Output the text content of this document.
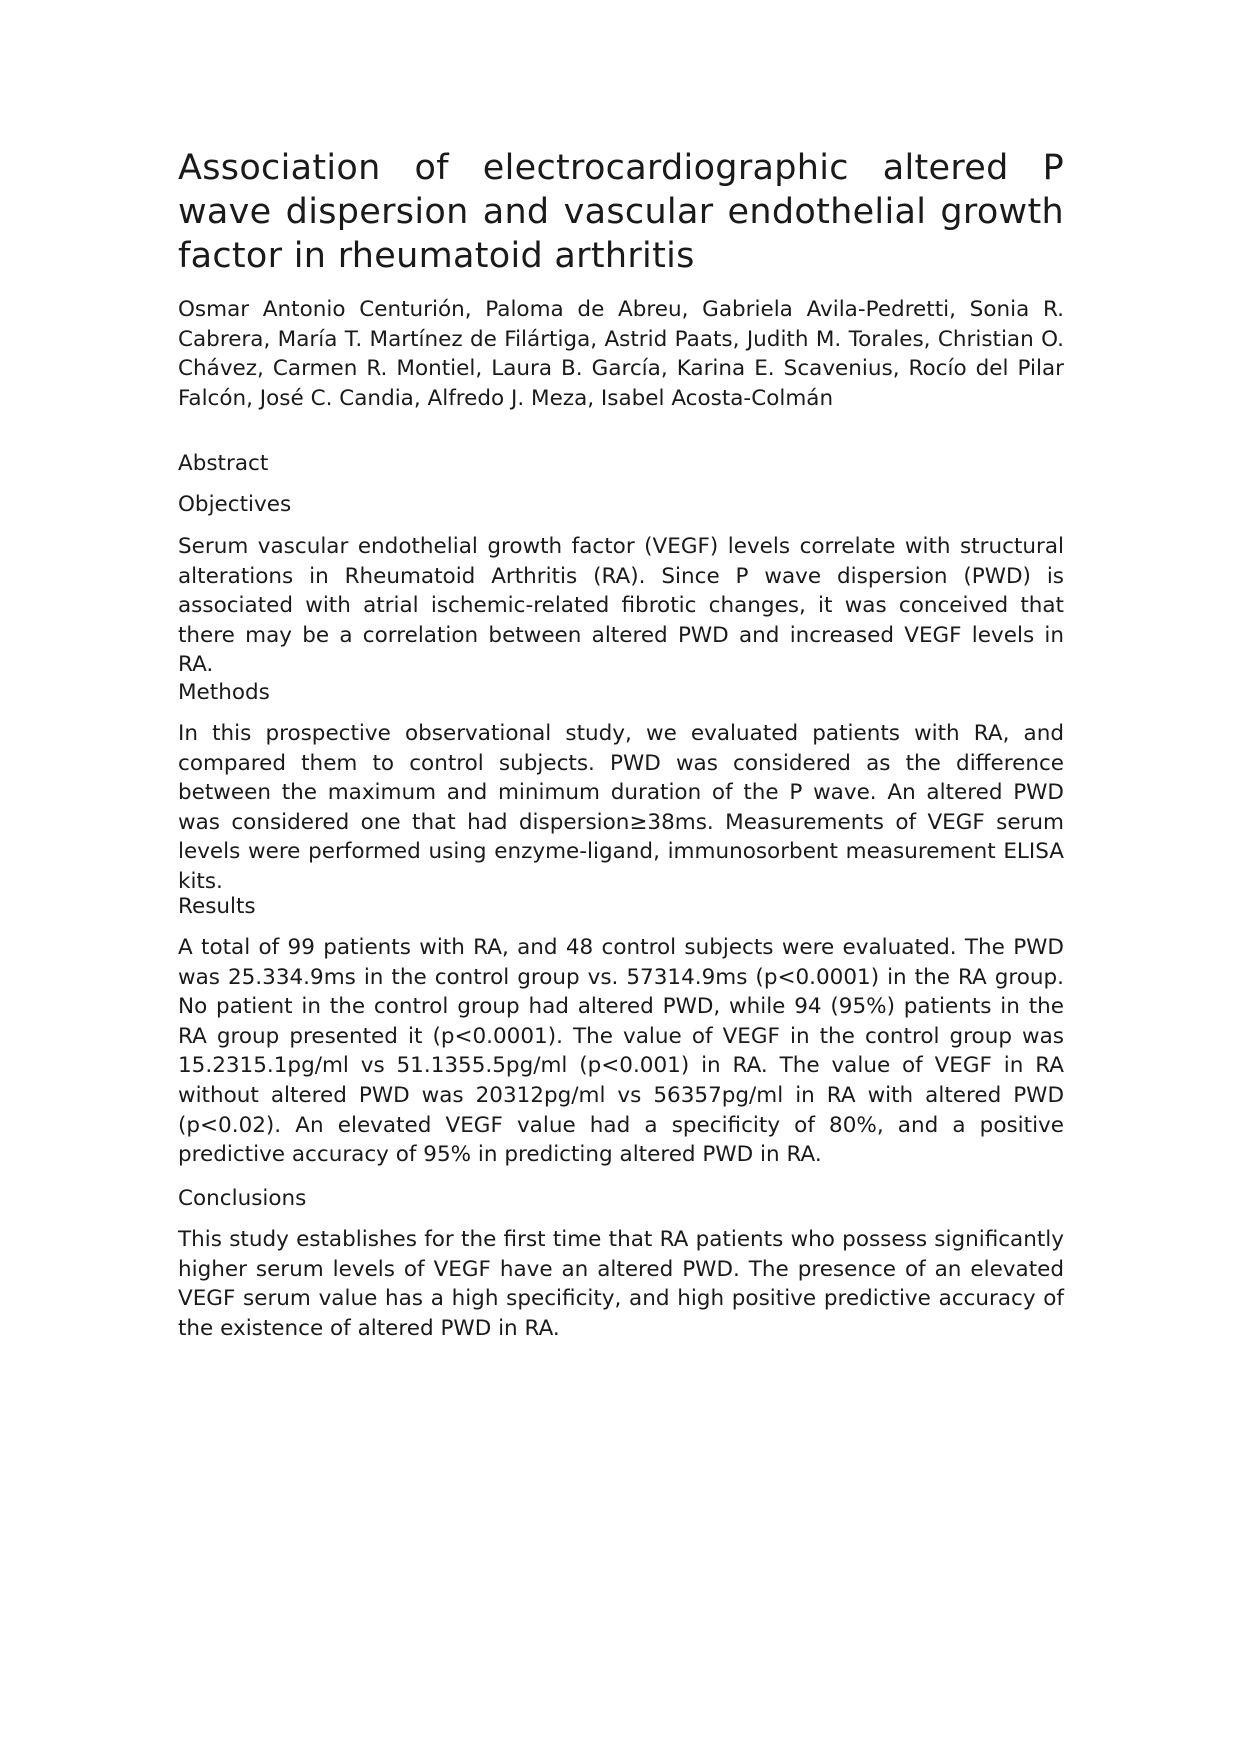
Association of electrocardiographic altered P wave dispersion and vascular endothelial growth factor in rheumatoid arthritis

Osmar Antonio Centurión, Paloma de Abreu, Gabriela Avila-Pedretti, Sonia R. Cabrera, María T. Martínez de Filártiga, Astrid Paats, Judith M. Torales, Christian O. Chávez, Carmen R. Montiel, Laura B. García, Karina E. Scavenius, Rocío del Pilar Falcón, José C. Candia, Alfredo J. Meza, Isabel Acosta-Colmán

Abstract
Objectives

Serum vascular endothelial growth factor (VEGF) levels correlate with structural alterations in Rheumatoid Arthritis (RA). Since P wave dispersion (PWD) is associated with atrial ischemic-related fibrotic changes, it was conceived that there may be a correlation between altered PWD and increased VEGF levels in RA.

Methods

In this prospective observational study, we evaluated patients with RA, and compared them to control subjects. PWD was considered as the difference between the maximum and minimum duration of the P wave. An altered PWD was considered one that had dispersion≥38ms. Measurements of VEGF serum levels were performed using enzyme-ligand, immunosorbent measurement ELISA kits.

Results

A total of 99 patients with RA, and 48 control subjects were evaluated. The PWD was 25.334.9ms in the control group vs. 57314.9ms (p<0.0001) in the RA group. No patient in the control group had altered PWD, while 94 (95%) patients in the RA group presented it (p<0.0001). The value of VEGF in the control group was 15.2315.1pg/ml vs 51.1355.5pg/ml (p<0.001) in RA. The value of VEGF in RA without altered PWD was 20312pg/ml vs 56357pg/ml in RA with altered PWD (p<0.02). An elevated VEGF value had a specificity of 80%, and a positive predictive accuracy of 95% in predicting altered PWD in RA.

Conclusions

This study establishes for the first time that RA patients who possess significantly higher serum levels of VEGF have an altered PWD. The presence of an elevated VEGF serum value has a high specificity, and high positive predictive accuracy of the existence of altered PWD in RA.
